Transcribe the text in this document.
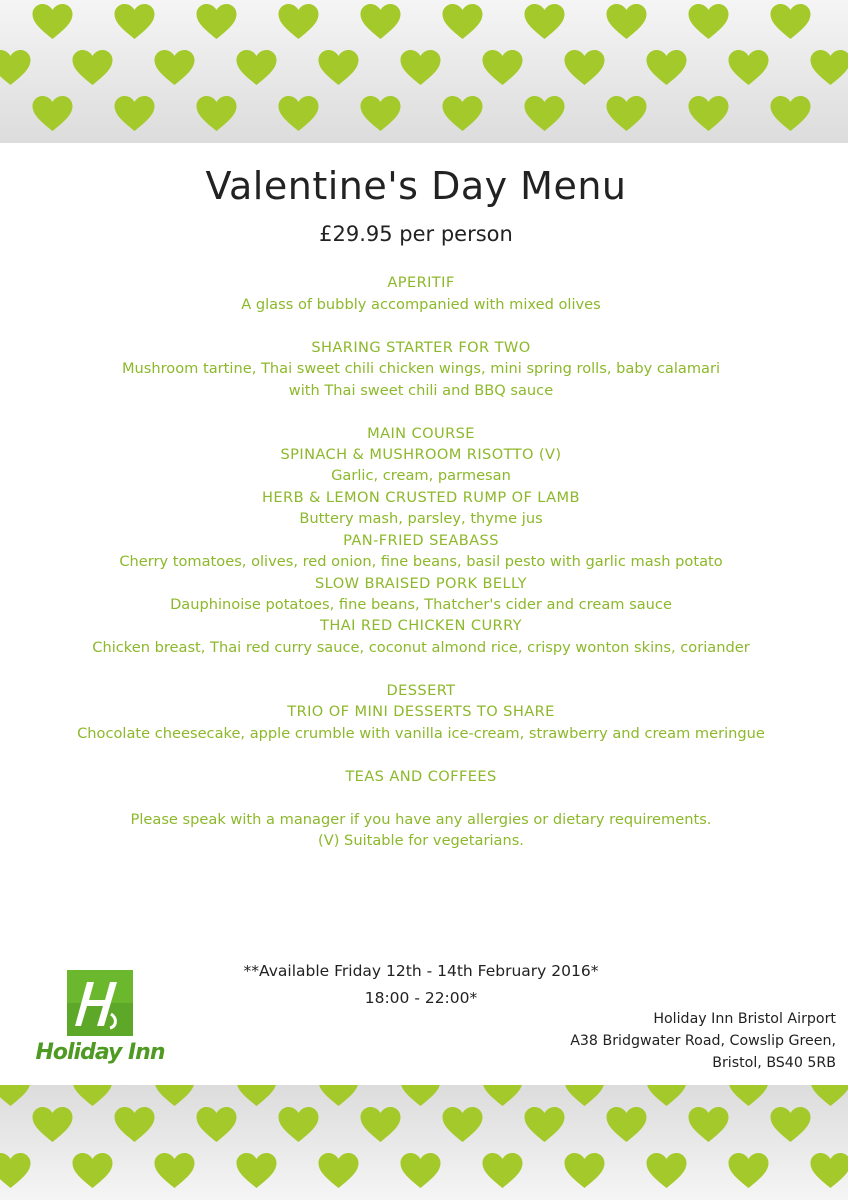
Valentine's Day Menu
£29.95 per person
APERITIF
A glass of bubbly accompanied with mixed olives
SHARING STARTER FOR TWO
Mushroom tartine, Thai sweet chili chicken wings, mini spring rolls, baby calamari
with Thai sweet chili and BBQ sauce
MAIN COURSE
SPINACH & MUSHROOM RISOTTO (V)
Garlic, cream, parmesan
HERB & LEMON CRUSTED RUMP OF LAMB
Buttery mash, parsley, thyme jus
PAN-FRIED SEABASS
Cherry tomatoes, olives, red onion, fine beans, basil pesto with garlic mash potato
SLOW BRAISED PORK BELLY
Dauphinoise potatoes, fine beans, Thatcher's cider and cream sauce
THAI RED CHICKEN CURRY
Chicken breast, Thai red curry sauce, coconut almond rice, crispy wonton skins, coriander
DESSERT
TRIO OF MINI DESSERTS TO SHARE
Chocolate cheesecake, apple crumble with vanilla ice-cream, strawberry and cream meringue
TEAS AND COFFEES
Please speak with a manager if you have any allergies or dietary requirements.
(V) Suitable for vegetarians.
**Available Friday 12th - 14th February 2016*
18:00 - 22:00*
Holiday Inn Bristol Airport
A38 Bridgwater Road, Cowslip Green,
Bristol, BS40 5RB
Holiday Inn
